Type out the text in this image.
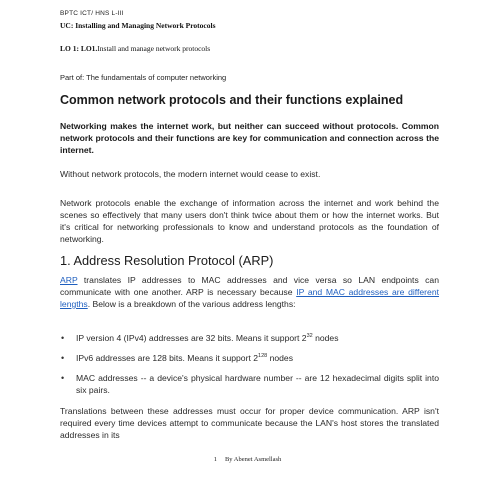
BPTC ICT/ HNS L-III
UC: Installing and Managing Network Protocols
LO 1: LO1.Install and manage network protocols
Part of: The fundamentals of computer networking
Common network protocols and their functions explained
Networking makes the internet work, but neither can succeed without protocols. Common network protocols and their functions are key for communication and connection across the internet.
Without network protocols, the modern internet would cease to exist.
Network protocols enable the exchange of information across the internet and work behind the scenes so effectively that many users don't think twice about them or how the internet works. But it's critical for networking professionals to know and understand protocols as the foundation of networking.
1. Address Resolution Protocol (ARP)
ARP translates IP addresses to MAC addresses and vice versa so LAN endpoints can communicate with one another. ARP is necessary because IP and MAC addresses are different lengths. Below is a breakdown of the various address lengths:
• IP version 4 (IPv4) addresses are 32 bits. Means it support $2^{32}$ nodes
• IPv6 addresses are 128 bits. Means it support $2^{128}$ nodes
• MAC addresses -- a device's physical hardware number -- are 12 hexadecimal digits split into six pairs.
Translations between these addresses must occur for proper device communication. ARP isn't required every time devices attempt to communicate because the LAN's host stores the translated addresses in its
1 By Abenet Asmellash
